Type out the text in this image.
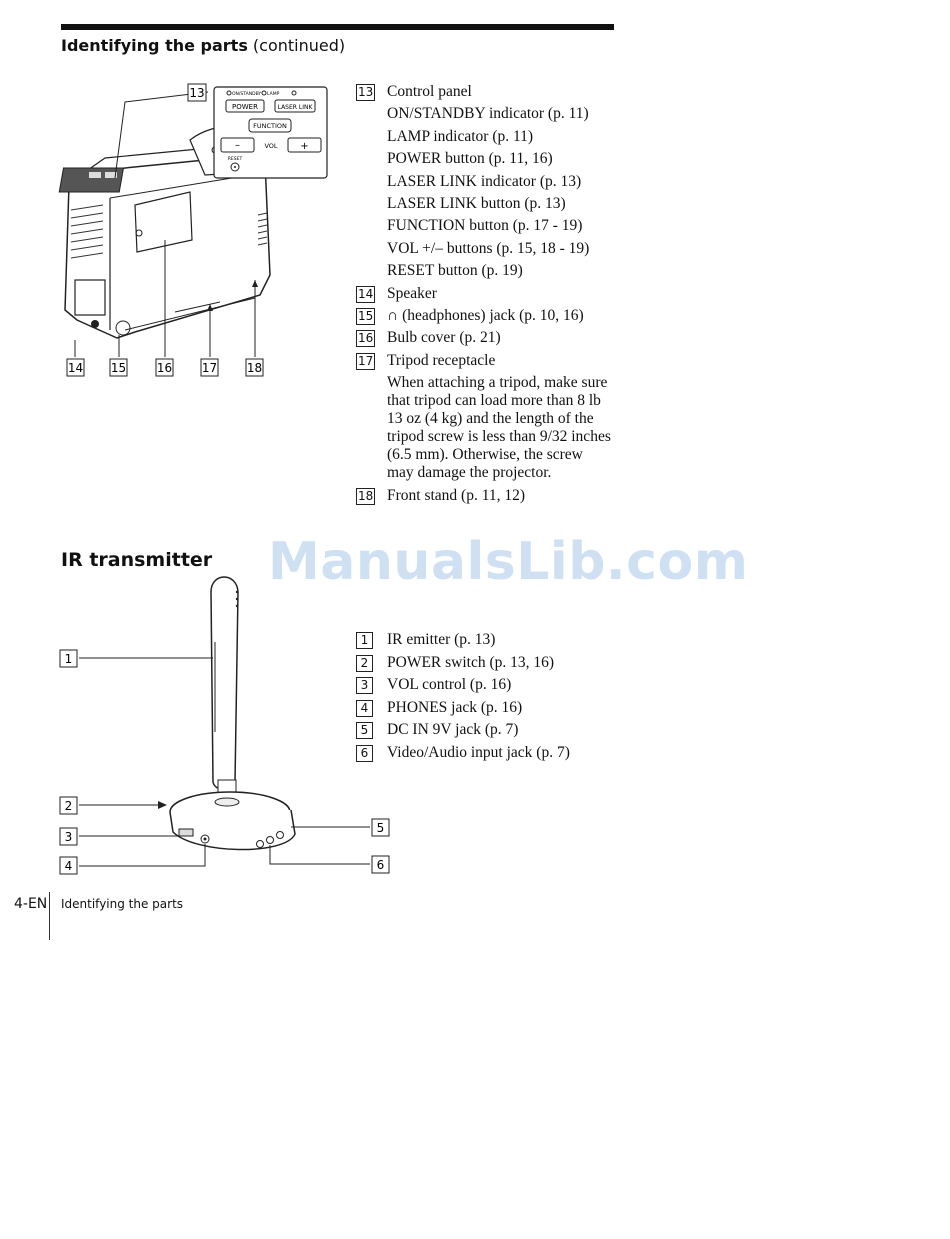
Identifying the parts (continued)
13
14 15	16 17 18
ON/STANDBY LAMP
POWER	LASER LINK
FUNCTION
–	VOL +
RESET
13 Control panel
ON/STANDBY indicator (p. 11)
LAMP indicator (p. 11)
POWER button (p. 11, 16)
LASER LINK indicator (p. 13)
LASER LINK button (p. 13)
FUNCTION button (p. 17 - 19)
VOL +/– buttons (p. 15, 18 - 19)
RESET button (p. 19)
14 Speaker
15 ∩ (headphones) jack (p. 10, 16)
16 Bulb cover (p. 21)
17 Tripod receptacle
When attaching a tripod, make sure that tripod can load more than 8 lb 13 oz (4 kg) and the length of the tripod screw is less than 9/32 inches (6.5 mm). Otherwise, the screw may damage the projector.
18 Front stand (p. 11, 12)
ManualsLib.com
IR transmitter
1
2
3
4
5
6
1	IR emitter (p. 13)
2	POWER switch (p. 13, 16)
3	VOL control (p. 16)
4	PHONES jack (p. 16)
5	DC IN 9V jack (p. 7)
6	Video/Audio input jack (p. 7)
4-EN Identifying the parts
